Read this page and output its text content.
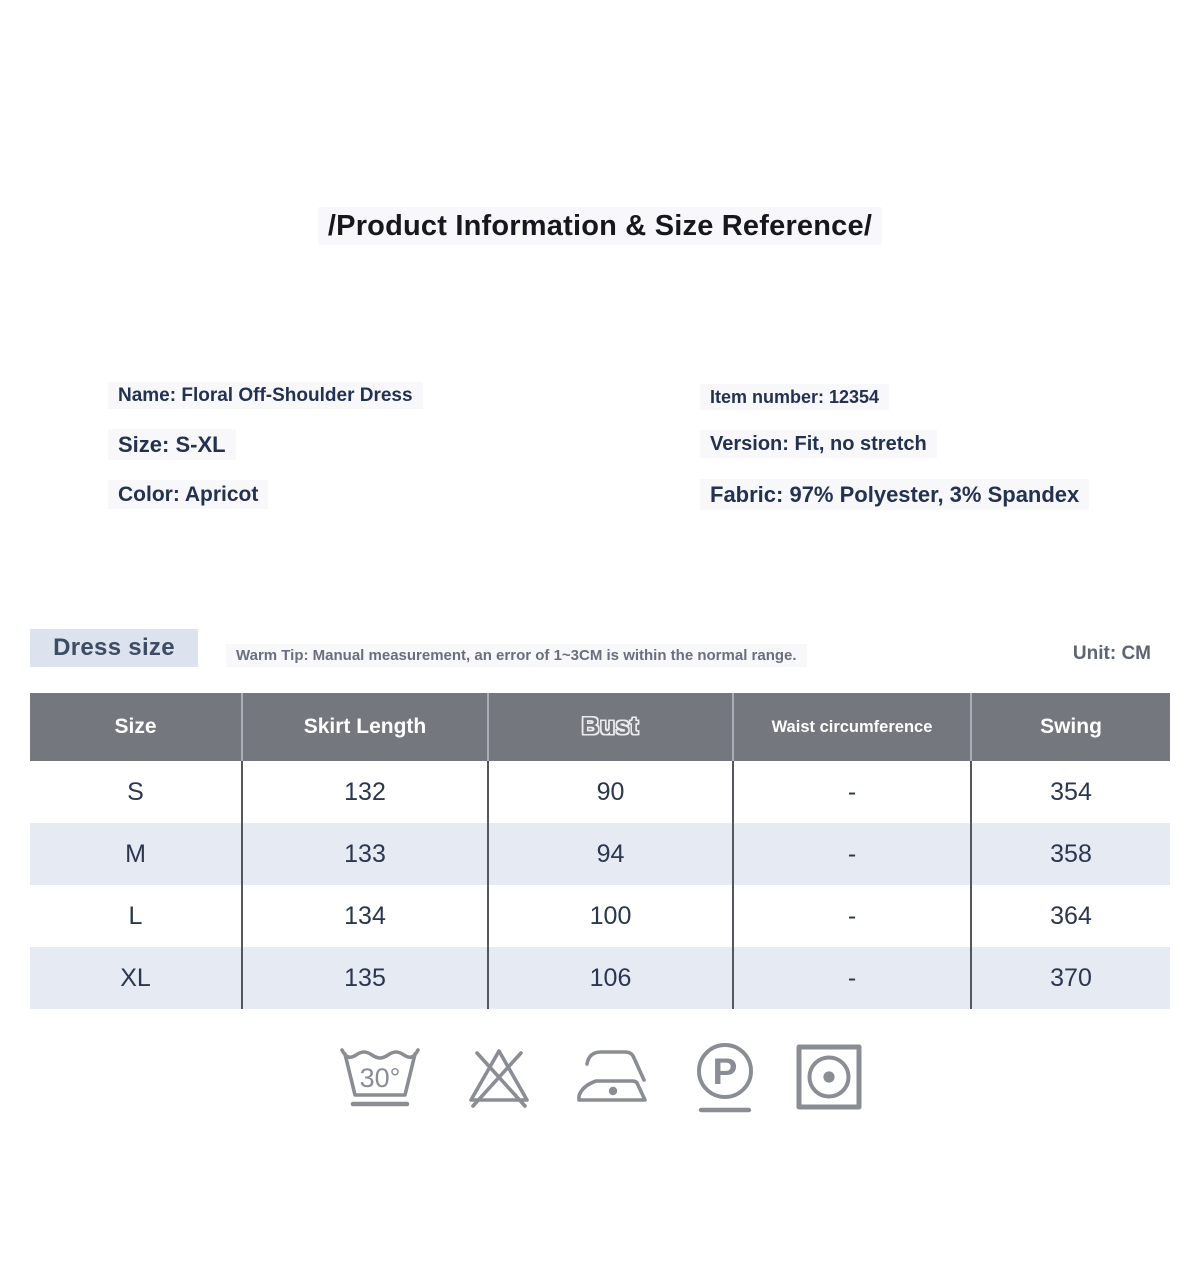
/Product Information & Size Reference/
Name: Floral Off-Shoulder Dress
Size: S-XL
Color: Apricot
Item number: 12354
Version: Fit, no stretch
Fabric: 97% Polyester, 3% Spandex
Dress size	Warm Tip: Manual measurement, an error of 1~3CM is within the normal range.	Unit: CM
Size	Skirt Length	Bust	Waist circumference	Swing
S	132	90	-	354
M	133	94	-	358
L	134	100	-	364
XL	135	106	-	370
30°	P
